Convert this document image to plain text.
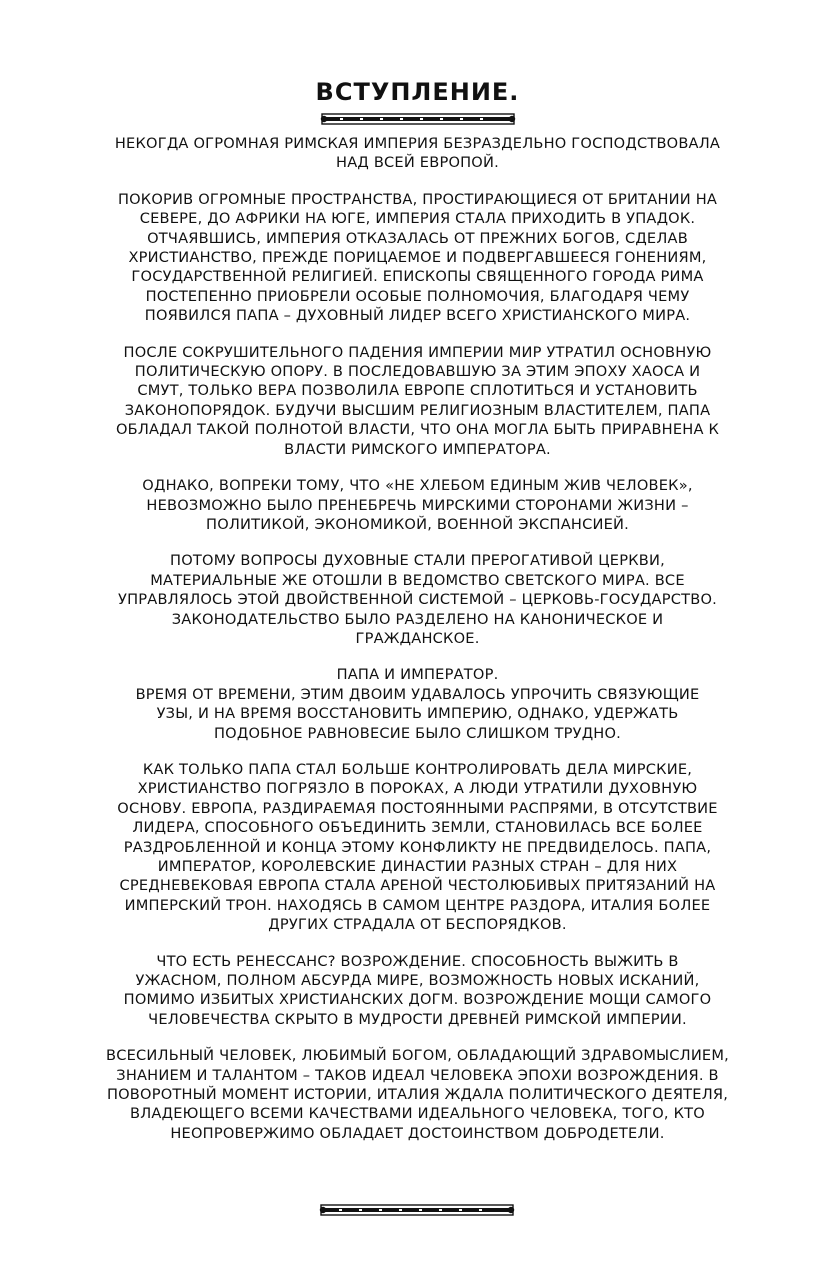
ВСТУПЛЕНИЕ.

НЕКОГДА ОГРОМНАЯ РИМСКАЯ ИМПЕРИЯ БЕЗРАЗДЕЛЬНО ГОСПОДСТВОВАЛА
НАД ВСЕЙ ЕВРОПОЙ.

ПОКОРИВ ОГРОМНЫЕ ПРОСТРАНСТВА, ПРОСТИРАЮЩИЕСЯ ОТ БРИТАНИИ НА
СЕВЕРЕ, ДО АФРИКИ НА ЮГЕ, ИМПЕРИЯ СТАЛА ПРИХОДИТЬ В УПАДОК.
ОТЧАЯВШИСЬ, ИМПЕРИЯ ОТКАЗАЛАСЬ ОТ ПРЕЖНИХ БОГОВ, СДЕЛАВ
ХРИСТИАНСТВО, ПРЕЖДЕ ПОРИЦАЕМОЕ И ПОДВЕРГАВШЕЕСЯ ГОНЕНИЯМ,
ГОСУДАРСТВЕННОЙ РЕЛИГИЕЙ. ЕПИСКОПЫ СВЯЩЕННОГО ГОРОДА РИМА
ПОСТЕПЕННО ПРИОБРЕЛИ ОСОБЫЕ ПОЛНОМОЧИЯ, БЛАГОДАРЯ ЧЕМУ
ПОЯВИЛСЯ ПАПА – ДУХОВНЫЙ ЛИДЕР ВСЕГО ХРИСТИАНСКОГО МИРА.

ПОСЛЕ СОКРУШИТЕЛЬНОГО ПАДЕНИЯ ИМПЕРИИ МИР УТРАТИЛ ОСНОВНУЮ
ПОЛИТИЧЕСКУЮ ОПОРУ. В ПОСЛЕДОВАВШУЮ ЗА ЭТИМ ЭПОХУ ХАОСА И
СМУТ, ТОЛЬКО ВЕРА ПОЗВОЛИЛА ЕВРОПЕ СПЛОТИТЬСЯ И УСТАНОВИТЬ
ЗАКОНОПОРЯДОК. БУДУЧИ ВЫСШИМ РЕЛИГИОЗНЫМ ВЛАСТИТЕЛЕМ, ПАПА
ОБЛАДАЛ ТАКОЙ ПОЛНОТОЙ ВЛАСТИ, ЧТО ОНА МОГЛА БЫТЬ ПРИРАВНЕНА К
ВЛАСТИ РИМСКОГО ИМПЕРАТОРА.

ОДНАКО, ВОПРЕКИ ТОМУ, ЧТО «НЕ ХЛЕБОМ ЕДИНЫМ ЖИВ ЧЕЛОВЕК»,
НЕВОЗМОЖНО БЫЛО ПРЕНЕБРЕЧЬ МИРСКИМИ СТОРОНАМИ ЖИЗНИ –
ПОЛИТИКОЙ, ЭКОНОМИКОЙ, ВОЕННОЙ ЭКСПАНСИЕЙ.

ПОТОМУ ВОПРОСЫ ДУХОВНЫЕ СТАЛИ ПРЕРОГАТИВОЙ ЦЕРКВИ,
МАТЕРИАЛЬНЫЕ ЖЕ ОТОШЛИ В ВЕДОМСТВО СВЕТСКОГО МИРА. ВСЕ
УПРАВЛЯЛОСЬ ЭТОЙ ДВОЙСТВЕННОЙ СИСТЕМОЙ – ЦЕРКОВЬ-ГОСУДАРСТВО.
ЗАКОНОДАТЕЛЬСТВО БЫЛО РАЗДЕЛЕНО НА КАНОНИЧЕСКОЕ И
ГРАЖДАНСКОЕ.

ПАПА И ИМПЕРАТОР.
ВРЕМЯ ОТ ВРЕМЕНИ, ЭТИМ ДВОИМ УДАВАЛОСЬ УПРОЧИТЬ СВЯЗУЮЩИЕ
УЗЫ, И НА ВРЕМЯ ВОССТАНОВИТЬ ИМПЕРИЮ, ОДНАКО, УДЕРЖАТЬ
ПОДОБНОЕ РАВНОВЕСИЕ БЫЛО СЛИШКОМ ТРУДНО.

КАК ТОЛЬКО ПАПА СТАЛ БОЛЬШЕ КОНТРОЛИРОВАТЬ ДЕЛА МИРСКИЕ,
ХРИСТИАНСТВО ПОГРЯЗЛО В ПОРОКАХ, А ЛЮДИ УТРАТИЛИ ДУХОВНУЮ
ОСНОВУ. ЕВРОПА, РАЗДИРАЕМАЯ ПОСТОЯННЫМИ РАСПРЯМИ, В ОТСУТСТВИЕ
ЛИДЕРА, СПОСОБНОГО ОБЪЕДИНИТЬ ЗЕМЛИ, СТАНОВИЛАСЬ ВСЕ БОЛЕЕ
РАЗДРОБЛЕННОЙ И КОНЦА ЭТОМУ КОНФЛИКТУ НЕ ПРЕДВИДЕЛОСЬ. ПАПА,
ИМПЕРАТОР, КОРОЛЕВСКИЕ ДИНАСТИИ РАЗНЫХ СТРАН – ДЛЯ НИХ
СРЕДНЕВЕКОВАЯ ЕВРОПА СТАЛА АРЕНОЙ ЧЕСТОЛЮБИВЫХ ПРИТЯЗАНИЙ НА
ИМПЕРСКИЙ ТРОН. НАХОДЯСЬ В САМОМ ЦЕНТРЕ РАЗДОРА, ИТАЛИЯ БОЛЕЕ
ДРУГИХ СТРАДАЛА ОТ БЕСПОРЯДКОВ.

ЧТО ЕСТЬ РЕНЕССАНС? ВОЗРОЖДЕНИЕ. СПОСОБНОСТЬ ВЫЖИТЬ В
УЖАСНОМ, ПОЛНОМ АБСУРДА МИРЕ, ВОЗМОЖНОСТЬ НОВЫХ ИСКАНИЙ,
ПОМИМО ИЗБИТЫХ ХРИСТИАНСКИХ ДОГМ. ВОЗРОЖДЕНИЕ МОЩИ САМОГО
ЧЕЛОВЕЧЕСТВА СКРЫТО В МУДРОСТИ ДРЕВНЕЙ РИМСКОЙ ИМПЕРИИ.

ВСЕСИЛЬНЫЙ ЧЕЛОВЕК, ЛЮБИМЫЙ БОГОМ, ОБЛАДАЮЩИЙ ЗДРАВОМЫСЛИЕМ,
ЗНАНИЕМ И ТАЛАНТОМ – ТАКОВ ИДЕАЛ ЧЕЛОВЕКА ЭПОХИ ВОЗРОЖДЕНИЯ. В
ПОВОРОТНЫЙ МОМЕНТ ИСТОРИИ, ИТАЛИЯ ЖДАЛА ПОЛИТИЧЕСКОГО ДЕЯТЕЛЯ,
ВЛАДЕЮЩЕГО ВСЕМИ КАЧЕСТВАМИ ИДЕАЛЬНОГО ЧЕЛОВЕКА, ТОГО, КТО
НЕОПРОВЕРЖИМО ОБЛАДАЕТ ДОСТОИНСТВОМ ДОБРОДЕТЕЛИ.
